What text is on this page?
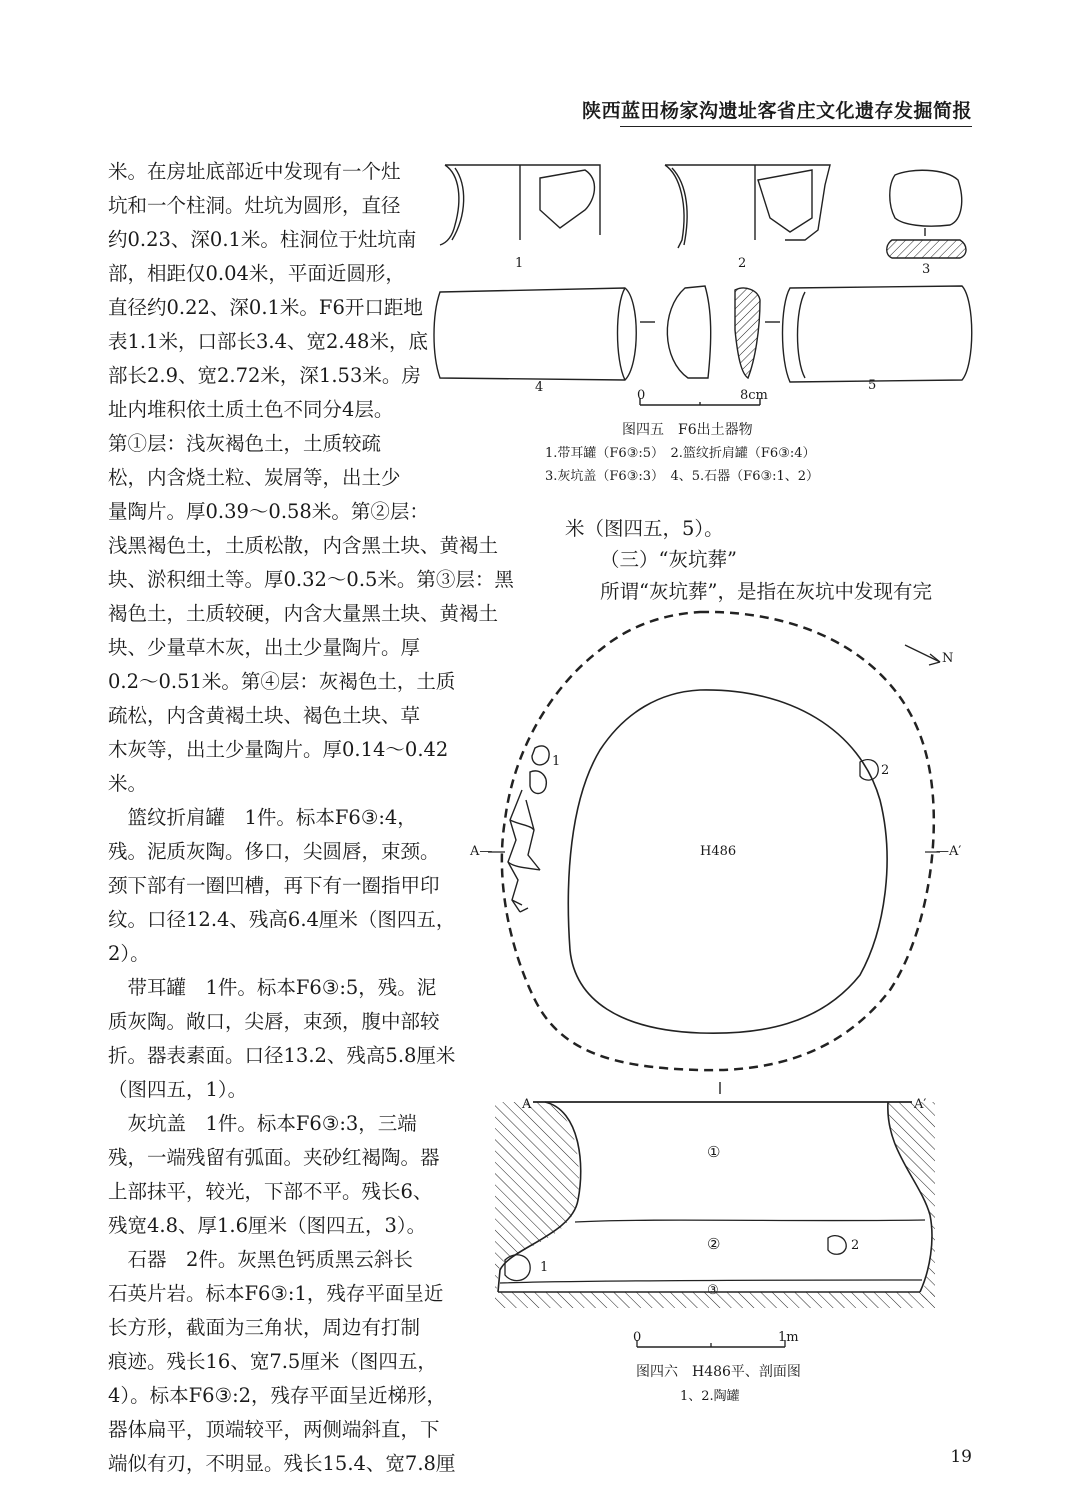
陕西蓝田杨家沟遗址客省庄文化遗存发掘简报
米。在房址底部近中发现有一个灶
坑和一个柱洞。灶坑为圆形，直径
约0.23、深0.1米。柱洞位于灶坑南
部，相距仅0.04米，平面近圆形，
直径约0.22、深0.1米。F6开口距地
表1.1米，口部长3.4、宽2.48米，底
部长2.9、宽2.72米，深1.53米。房
址内堆积依土质土色不同分4层。
第①层：浅灰褐色土，土质较疏
松，内含烧土粒、炭屑等，出土少
量陶片。厚0.39～0.58米。第②层：
浅黑褐色土，土质松散，内含黑土块、黄褐土
块、淤积细土等。厚0.32～0.5米。第③层：黑
褐色土，土质较硬，内含大量黑土块、黄褐土
块、少量草木灰，出土少量陶片。厚
0.2～0.51米。第④层：灰褐色土，土质
疏松，内含黄褐土块、褐色土块、草
木灰等，出土少量陶片。厚0.14～0.42
米。
　篮纹折肩罐　1件。标本F6③:4，
残。泥质灰陶。侈口，尖圆唇，束颈。
颈下部有一圈凹槽，再下有一圈指甲印
纹。口径12.4、残高6.4厘米（图四五，
2）。
　带耳罐　1件。标本F6③:5，残。泥
质灰陶。敞口，尖唇，束颈，腹中部较
折。器表素面。口径13.2、残高5.8厘米
（图四五，1）。
　灰坑盖　1件。标本F6③:3，三端
残，一端残留有弧面。夹砂红褐陶。器
上部抹平，较光，下部不平。残长6、
残宽4.8、厚1.6厘米（图四五，3）。
　石器　2件。灰黑色钙质黑云斜长
石英片岩。标本F6③:1，残存平面呈近
长方形，截面为三角状，周边有打制
痕迹。残长16、宽7.5厘米（图四五，
4）。标本F6③:2，残存平面呈近梯形，
器体扁平，顶端较平，两侧端斜直，下
端似有刃，不明显。残长15.4、宽7.8厘
米（图四五，5）。
（三）“灰坑葬”
所谓“灰坑葬”，是指在灰坑中发现有完
1	2	3
4	5
0	8cm
图四五　F6出土器物
1.带耳罐（F6③:5）　2.篮纹折肩罐（F6③:4）
3.灰坑盖（F6③:3）　4、5.石器（F6③:1、2）
N
H486
A—	—A′
1
2
A	A′
①
②
③
1
2
0	1m
图四六　H486平、剖面图
1、2.陶罐
19
